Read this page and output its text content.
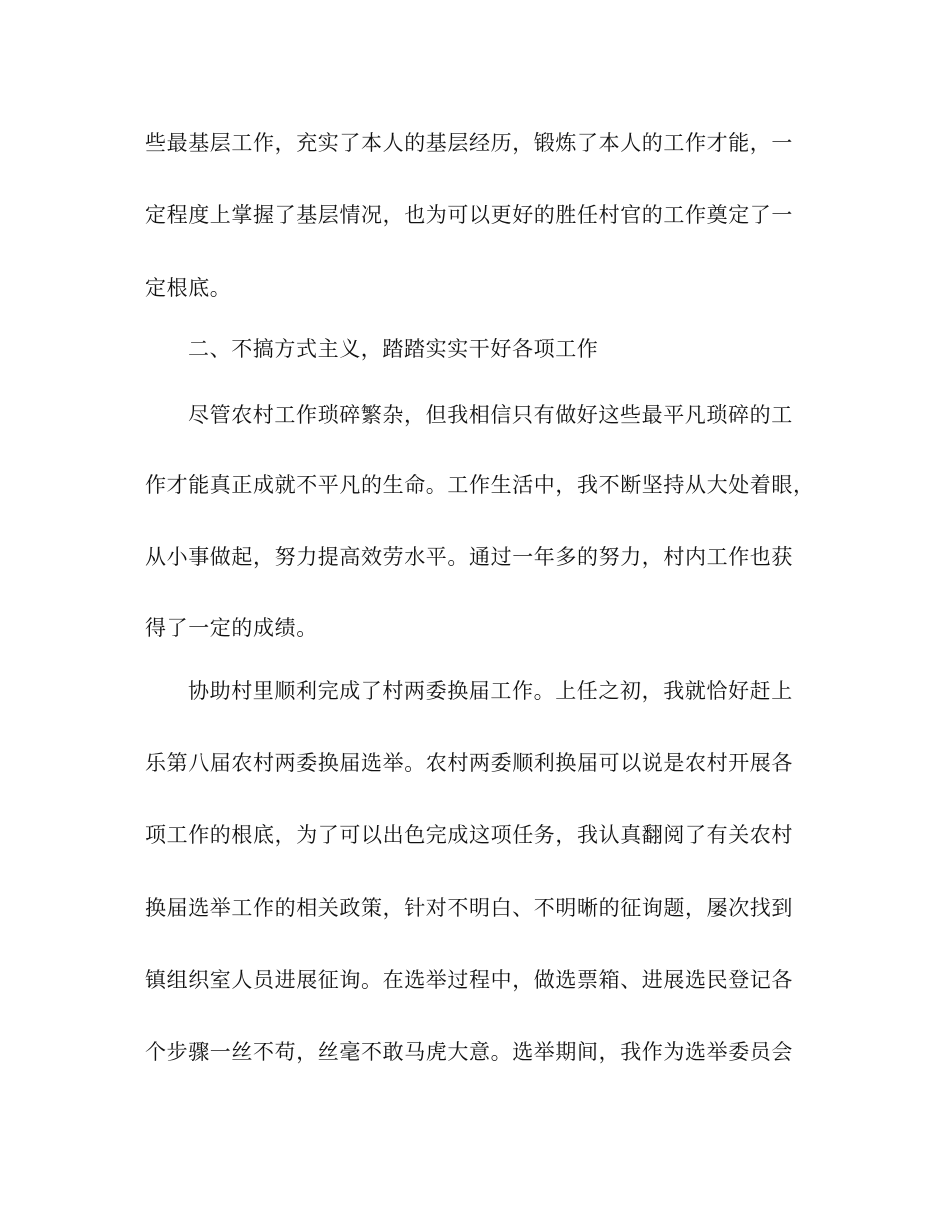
些最基层工作，充实了本人的基层经历，锻炼了本人的工作才能，一
定程度上掌握了基层情况，也为可以更好的胜任村官的工作奠定了一
定根底。
二、不搞方式主义，踏踏实实干好各项工作
尽管农村工作琐碎繁杂，但我相信只有做好这些最平凡琐碎的工
作才能真正成就不平凡的生命。工作生活中，我不断坚持从大处着眼，
从小事做起，努力提高效劳水平。通过一年多的努力，村内工作也获
得了一定的成绩。
协助村里顺利完成了村两委换届工作。上任之初，我就恰好赶上
乐第八届农村两委换届选举。农村两委顺利换届可以说是农村开展各
项工作的根底，为了可以出色完成这项任务，我认真翻阅了有关农村
换届选举工作的相关政策，针对不明白、不明晰的征询题，屡次找到
镇组织室人员进展征询。在选举过程中，做选票箱、进展选民登记各
个步骤一丝不苟，丝毫不敢马虎大意。选举期间，我作为选举委员会
